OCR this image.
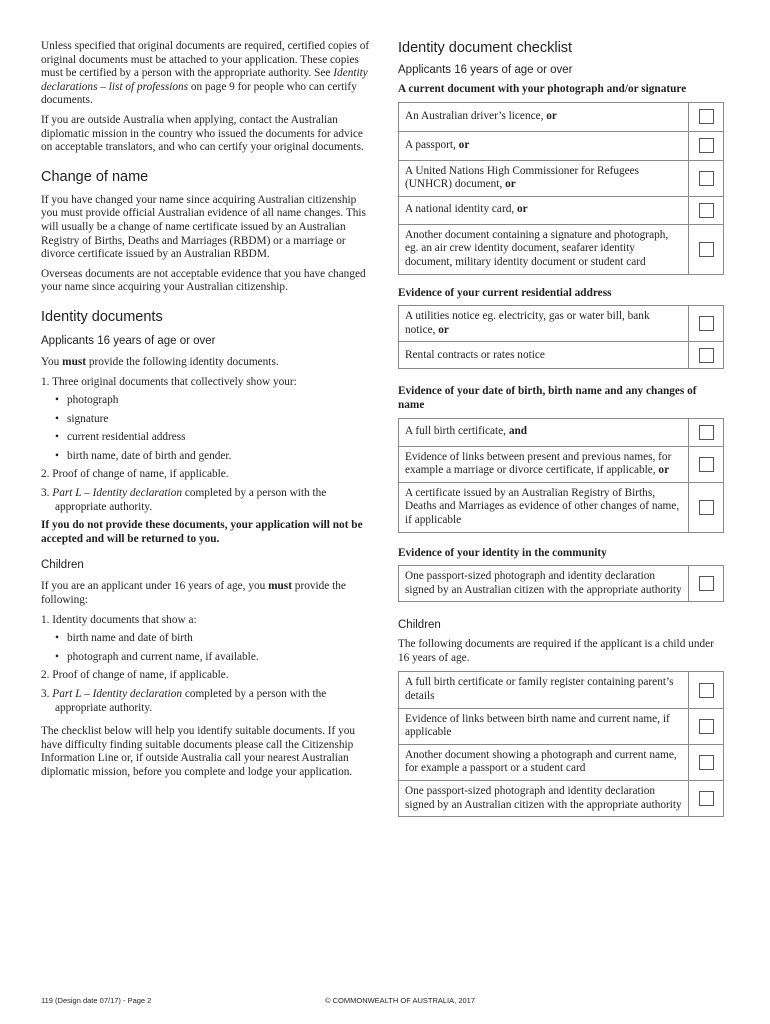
Unless specified that original documents are required, certified copies of original documents must be attached to your application. These copies must be certified by a person with the appropriate authority. See Identity declarations – list of professions on page 9 for people who can certify documents.

If you are outside Australia when applying, contact the Australian diplomatic mission in the country who issued the documents for advice on acceptable translators, and who can certify your original documents.

Change of name

If you have changed your name since acquiring Australian citizenship you must provide official Australian evidence of all name changes. This will usually be a change of name certificate issued by an Australian Registry of Births, Deaths and Marriages (RBDM) or a marriage or divorce certificate issued by an Australian RBDM.

Overseas documents are not acceptable evidence that you have changed your name since acquiring your Australian citizenship.

Identity documents
Applicants 16 years of age or over

You must provide the following identity documents.

1. Three original documents that collectively show your:
• photograph
• signature
• current residential address
• birth name, date of birth and gender.
2. Proof of change of name, if applicable.
3. Part L – Identity declaration completed by a person with the appropriate authority.
If you do not provide these documents, your application will not be accepted and will be returned to you.
Children

If you are an applicant under 16 years of age, you must provide the following:

1. Identity documents that show a:
• birth name and date of birth
• photograph and current name, if available.
2. Proof of change of name, if applicable.
3. Part L – Identity declaration completed by a person with the appropriate authority.

The checklist below will help you identify suitable documents. If you have difficulty finding suitable documents please call the Citizenship Information Line or, if outside Australia call your nearest Australian diplomatic mission, before you complete and lodge your application.

Identity document checklist
Applicants 16 years of age or over
A current document with your photograph and/or signature
An Australian driver’s licence, or	
A passport, or	
A United Nations High Commissioner for Refugees (UNHCR) document, or	
A national identity card, or	
Another document containing a signature and photograph, eg. an air crew identity document, seafarer identity document, military identity document or student card	
Evidence of your current residential address
A utilities notice eg. electricity, gas or water bill, bank notice, or	
Rental contracts or rates notice	
Evidence of your date of birth, birth name and any changes of name
A full birth certificate, and	
Evidence of links between present and previous names, for example a marriage or divorce certificate, if applicable, or	
A certificate issued by an Australian Registry of Births, Deaths and Marriages as evidence of other changes of name, if applicable	
Evidence of your identity in the community
One passport-sized photograph and identity declaration signed by an Australian citizen with the appropriate authority	
Children

The following documents are required if the applicant is a child under 16 years of age.

A full birth certificate or family register containing parent’s details	
Evidence of links between birth name and current name, if applicable	
Another document showing a photograph and current name, for example a passport or a student card	
One passport-sized photograph and identity declaration signed by an Australian citizen with the appropriate authority	
119 (Design date 07/17) - Page 2	© COMMONWEALTH OF AUSTRALIA, 2017
